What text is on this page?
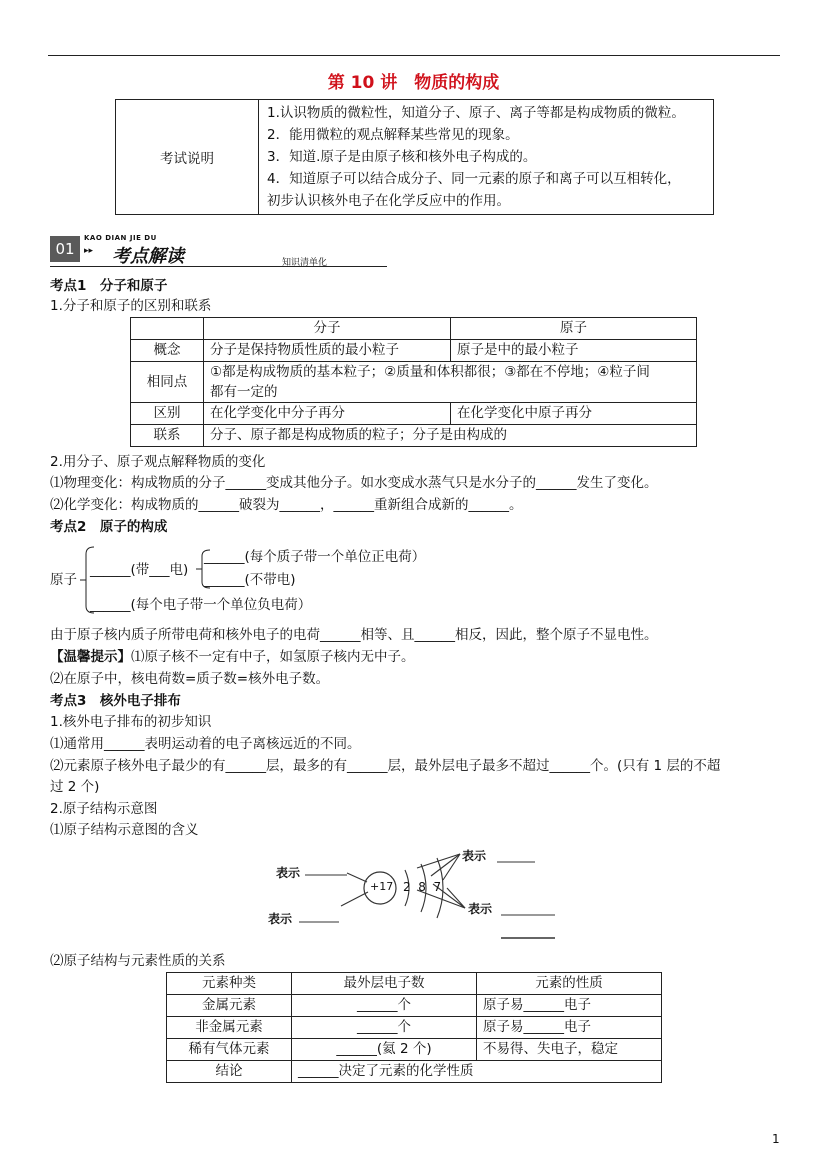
第 10 讲　物质的构成
考试说明	
1.认识物质的微粒性，知道分子、原子、离子等都是构成物质的微粒。
2．能用微粒的观点解释某些常见的现象。
3．知道.原子是由原子核和核外电子构成的。
4．知道原子可以结合成分子、同一元素的原子和离子可以互相转化，
初步认识核外电子在化学反应中的作用。
01
KAO DIAN JIE DU
▸▸ 考点解读	知识清单化
考点1　分子和原子
1.分子和原子的区别和联系
	分子	原子
概念	分子是保持物质性质的最小粒子	原子是中的最小粒子
相同点	①都是构成物质的基本粒子；②质量和体积都很；③都在不停地；④粒子间
都有一定的	

区别	在化学变化中分子再分	在化学变化中原子再分
联系	分子、原子都是构成物质的粒子；分子是由构成的	
2.用分子、原子观点解释物质的变化
⑴物理变化：构成物质的分子______变成其他分子。如水变成水蒸气只是水分子的______发生了变化。
⑵化学变化：构成物质的______破裂为______，______重新组合成新的______。
考点2　原子的构成
原子
______(带___电)
______(每个质子带一个单位正电荷）
______(不带电)
______(每个电子带一个单位负电荷）
由于原子核内质子所带电荷和核外电子的电荷______相等、且______相反，因此，整个原子不显电性。
【温馨提示】⑴原子核不一定有中子，如氢原子核内无中子。
⑵在原子中，核电荷数=质子数=核外电子数。
考点3　核外电子排布
1.核外电子排布的初步知识
⑴通常用______表明运动着的电子离核远近的不同。
⑵元素原子核外电子最少的有______层，最多的有______层，最外层电子最多不超过______个。(只有 1 层的不超
过 2 个)
2.原子结构示意图
⑴原子结构示意图的含义
+17 2  8  7
表示
表示
表示
表示
⑵原子结构与元素性质的关系
元素种类	最外层电子数	元素的性质
金属元素	______个	原子易______电子
非金属元素	______个	原子易______电子
稀有气体元素	______(氦 2 个)	不易得、失电子，稳定
结论	______决定了元素的化学性质	
1
